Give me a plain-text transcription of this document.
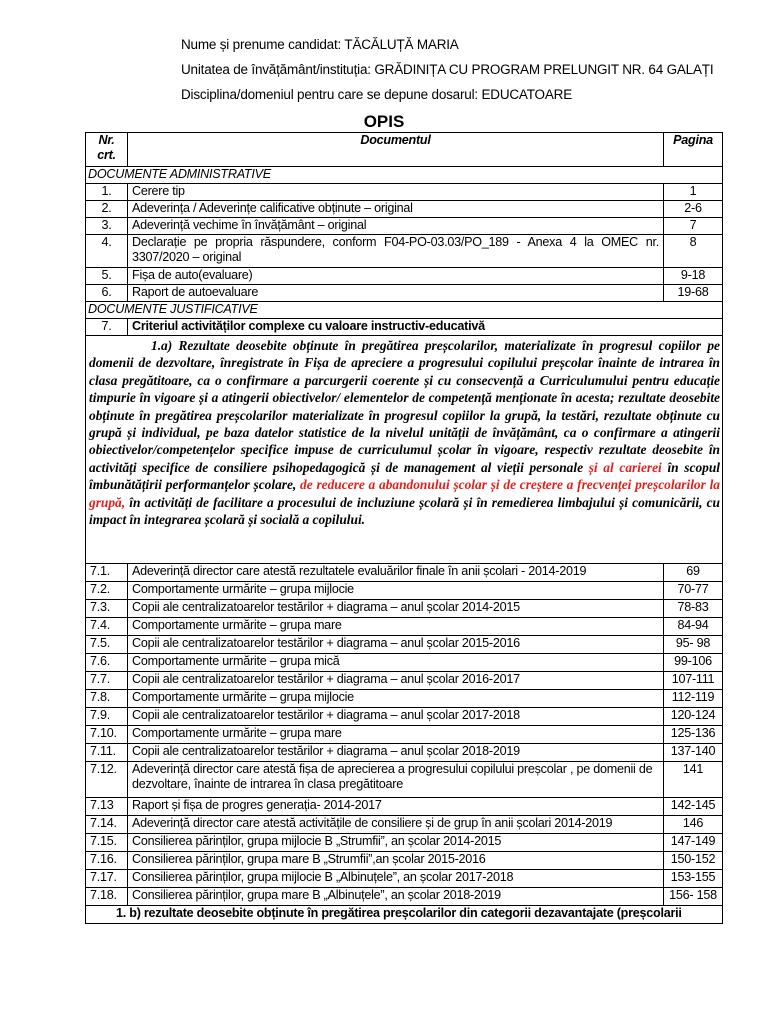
Nume și prenume candidat: TĂCĂLUȚĂ MARIA
Unitatea de învățământ/instituția: GRĂDINIȚA CU PROGRAM PRELUNGIT NR. 64 GALAȚI
Disciplina/domeniul pentru care se depune dosarul: EDUCATOARE
OPIS
Nr. crt.	Documentul	Pagina
DOCUMENTE ADMINISTRATIVE		
1.	Cerere tip	1
2.	Adeverința / Adeverințe calificative obținute – original	2-6
3.	Adeverință vechime în învățământ – original	7
4.	Declarație pe propria răspundere, conform F04-PO-03.03/PO_189 - Anexa 4 la OMEC nr. 3307/2020 – original	8
5.	Fișa de auto(evaluare)	9-18
6.	Raport de autoevaluare	19-68
DOCUMENTE JUSTIFICATIVE		
7.	Criteriul activităților complexe cu valoare instructiv-educativă	
1.a) Rezultate deosebite obținute în pregătirea preșcolarilor, materializate în progresul copiilor pe domenii de dezvoltare, înregistrate în Fișa de apreciere a progresului copilului preșcolar înainte de intrarea în clasa pregătitoare, ca o confirmare a parcurgerii coerente și cu consecvență a Curriculumului pentru educație timpurie în vigoare și a atingerii obiectivelor/ elementelor de competență menționate în acesta; rezultate deosebite obținute în pregătirea preșcolarilor materializate în progresul copiilor la grupă, la testări, rezultate obținute cu grupă și individual, pe baza datelor statistice de la nivelul unității de învățământ, ca o confirmare a atingerii obiectivelor/competențelor specifice impuse de curriculumul școlar în vigoare, respectiv rezultate deosebite în activități specifice de consiliere psihopedagogică și de management al vieții personale și al carierei în scopul îmbunătățirii performanțelor școlare, de reducere a abandonului școlar și de creștere a frecvenței preșcolarilor la grupă, în activități de facilitare a procesului de incluziune școlară și în remedierea limbajului și comunicării, cu impact în integrarea școlară și socială a copilului.		
7.1.	Adeverință director care atestă rezultatele evaluărilor finale în anii școlari - 2014-2019	69
7.2.	Comportamente urmărite – grupa mijlocie	70-77
7.3.	Copii ale centralizatoarelor testărilor + diagrama – anul școlar 2014-2015	78-83
7.4.	Comportamente urmărite – grupa mare	84-94
7.5.	Copii ale centralizatoarelor testărilor + diagrama – anul școlar 2015-2016	95- 98
7.6.	Comportamente urmărite – grupa mică	99-106
7.7.	Copii ale centralizatoarelor testărilor + diagrama – anul școlar 2016-2017	107-111
7.8.	Comportamente urmărite – grupa mijlocie	112-119
7.9.	Copii ale centralizatoarelor testărilor + diagrama – anul școlar 2017-2018	120-124
7.10.	Comportamente urmărite – grupa mare	125-136
7.11.	Copii ale centralizatoarelor testărilor + diagrama – anul școlar 2018-2019	137-140
7.12.	Adeverință director care atestă fișa de aprecierea a progresului copilului preșcolar , pe domenii de dezvoltare, înainte de intrarea în clasa pregătitoare	141
7.13	Raport și fișa de progres generația- 2014-2017	142-145
7.14.	Adeverință director care atestă activitățile de consiliere și de grup în anii școlari 2014-2019	146
7.15.	Consilierea părinților, grupa mijlocie B „Strumfii”, an școlar 2014-2015	147-149
7.16.	Consilierea părinților, grupa mare B „Strumfii”,an școlar 2015-2016	150-152
7.17.	Consilierea părinților, grupa mijlocie B „Albinuțele”, an școlar 2017-2018	153-155
7.18.	Consilierea părinților, grupa mare B „Albinuțele”, an școlar 2018-2019	156- 158
1. b) rezultate deosebite obținute în pregătirea preșcolarilor din categorii dezavantajate (preșcolarii		
